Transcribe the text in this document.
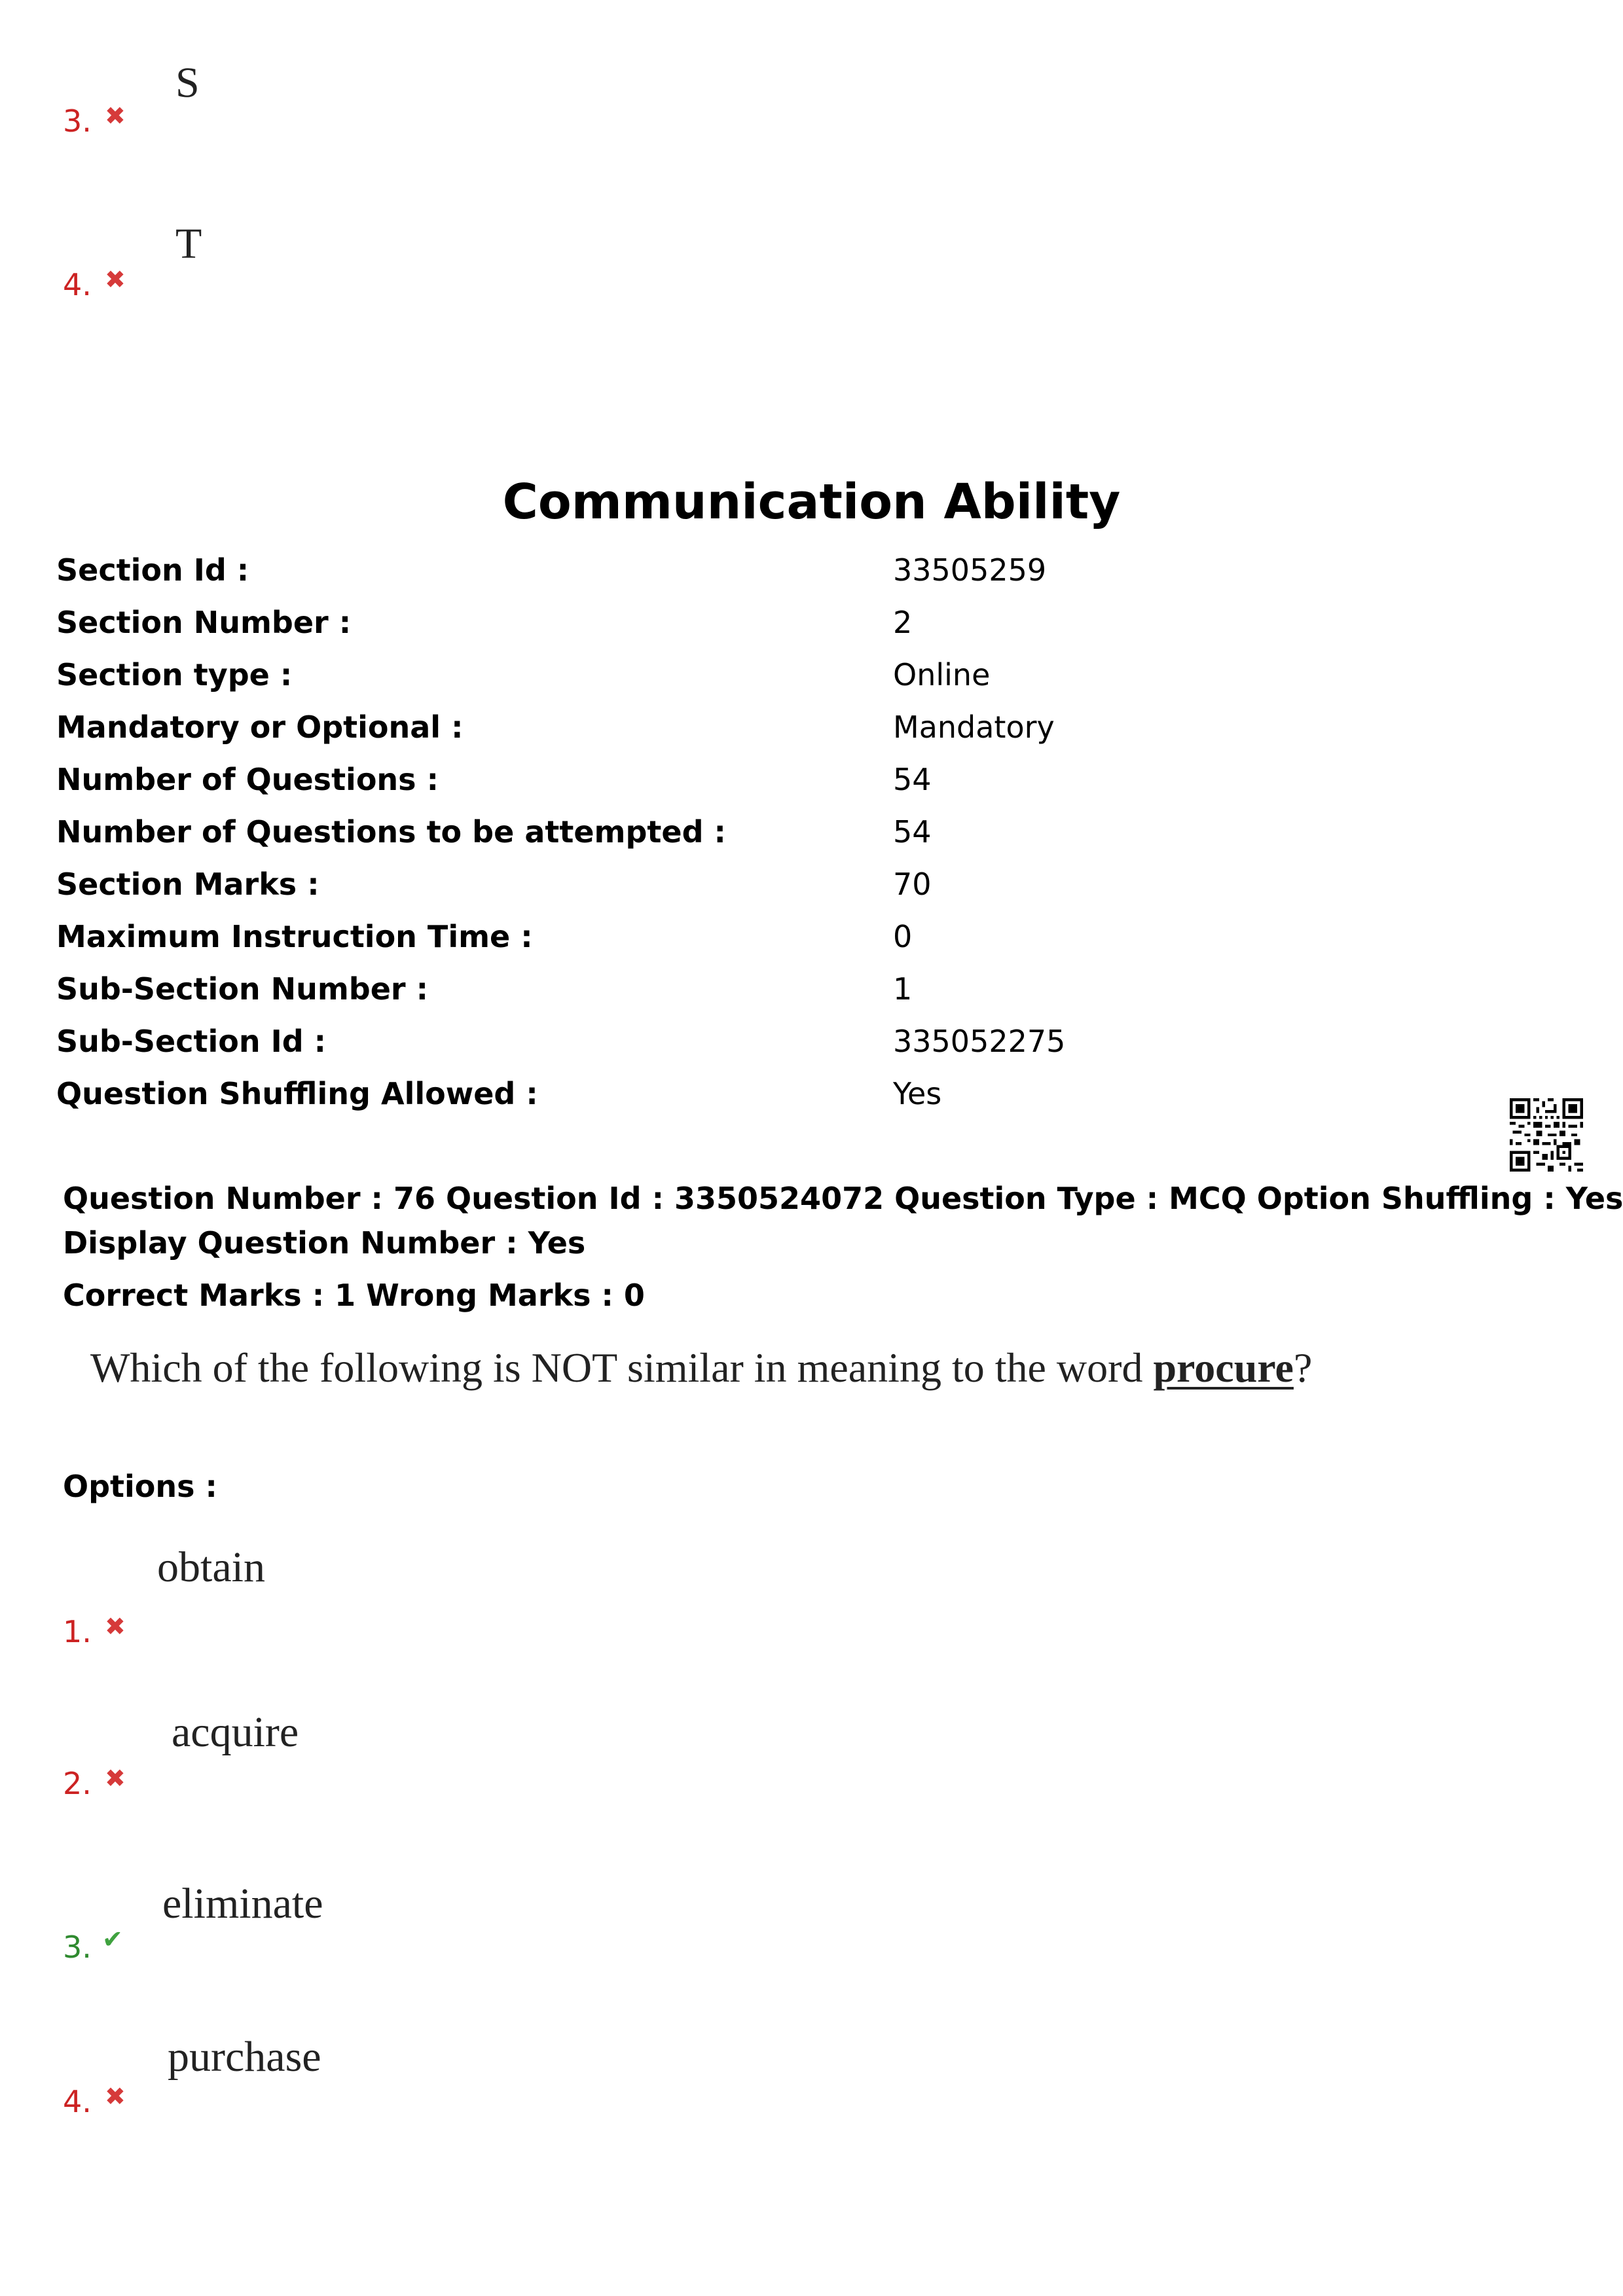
3. ✖
S
4. ✖
T
Communication Ability
Section Id :	33505259
Section Number :	2
Section type :	Online
Mandatory or Optional :	Mandatory
Number of Questions :	54
Number of Questions to be attempted :	54
Section Marks :	70
Maximum Instruction Time :	0
Sub-Section Number :	1
Sub-Section Id :	335052275
Question Shuffling Allowed :	Yes
Question Number : 76 Question Id : 3350524072 Question Type : MCQ Option Shuffling : Yes
Display Question Number : Yes
Correct Marks : 1 Wrong Marks : 0
Which of the following is NOT similar in meaning to the word procure?
Options :
1. ✖
obtain
2. ✖
acquire
3. ✔
eliminate
4. ✖
purchase
